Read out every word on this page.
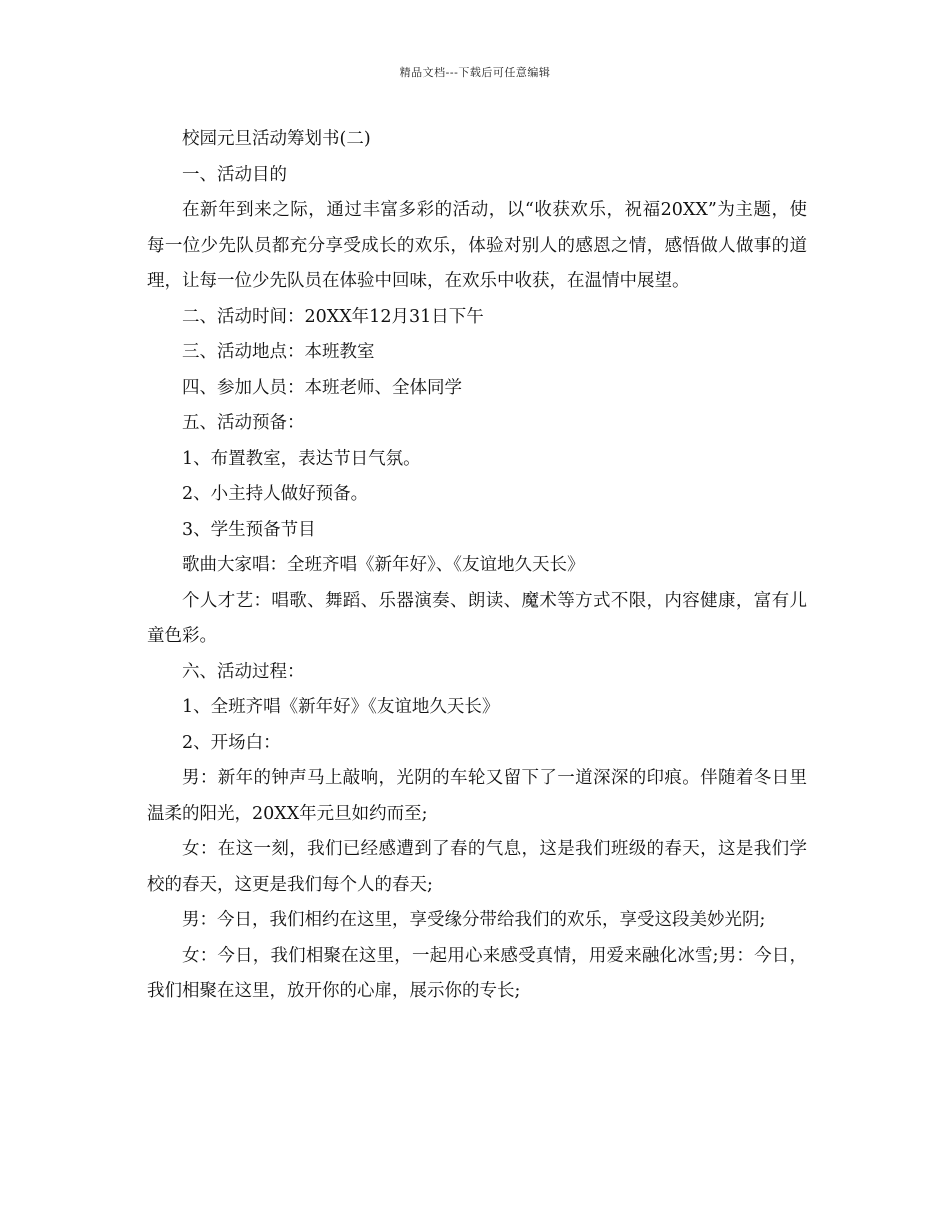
精品文档---下载后可任意编辑

校园元旦活动筹划书(二)

一、活动目的

在新年到来之际，通过丰富多彩的活动，以“收获欢乐，祝福20XX”为主题，使每一位少先队员都充分享受成长的欢乐，体验对别人的感恩之情，感悟做人做事的道理，让每一位少先队员在体验中回味，在欢乐中收获，在温情中展望。

二、活动时间：20XX年12月31日下午

三、活动地点：本班教室

四、参加人员：本班老师、全体同学

五、活动预备：

1、布置教室，表达节日气氛。

2、小主持人做好预备。

3、学生预备节目

歌曲大家唱：全班齐唱《新年好》、《友谊地久天长》

个人才艺：唱歌、舞蹈、乐器演奏、朗读、魔术等方式不限，内容健康，富有儿童色彩。

六、活动过程：

1、全班齐唱《新年好》《友谊地久天长》

2、开场白：

男：新年的钟声马上敲响，光阴的车轮又留下了一道深深的印痕。伴随着冬日里温柔的阳光，20XX年元旦如约而至;

女：在这一刻，我们已经感遭到了春的气息，这是我们班级的春天，这是我们学校的春天，这更是我们每个人的春天;

男：今日，我们相约在这里，享受缘分带给我们的欢乐，享受这段美妙光阴;

女：今日，我们相聚在这里，一起用心来感受真情，用爱来融化冰雪;男：今日，我们相聚在这里，放开你的心扉，展示你的专长;
